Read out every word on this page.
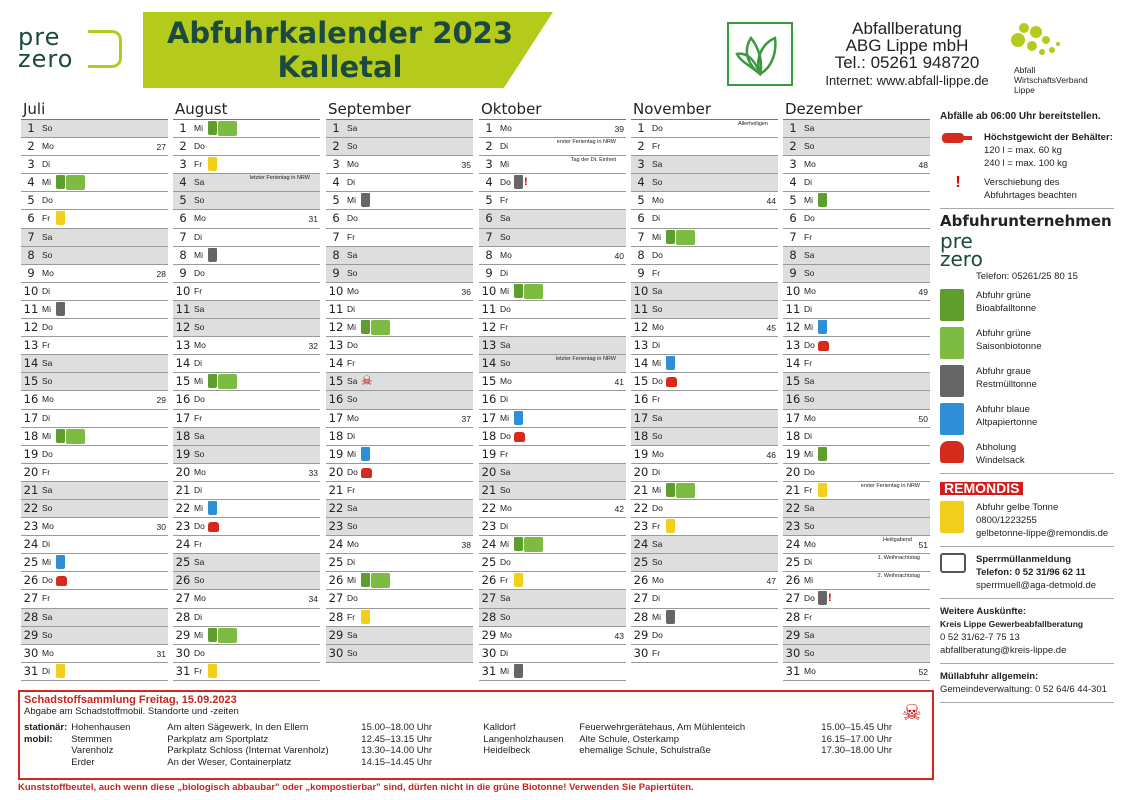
pre
zero
Abfuhrkalender 2023
Kalletal
Abfallberatung
ABG Lippe mbH
Tel.: 05261 948720
Internet: www.abfall-lippe.de
Abfall
WirtschaftsVerband
Lippe
Juli
1 So
2 Mo	27
3 Di
4 Mi
5 Do
6 Fr
7 Sa
8 So
9 Mo	28
10 Di
11 Mi
12 Do
13 Fr
14 Sa
15 So
16 Mo	29
17 Di
18 Mi
19 Do
20 Fr
21 Sa
22 So
23 Mo	30
24 Di
25 Mi
26 Do
27 Fr
28 Sa
29 So
30 Mo	31
31 Di
August
1 Mi
2 Do
3 Fr
4 Sa	letzter Ferientag in NRW
5 So
6 Mo	31
7 Di
8 Mi
9 Do
10 Fr
11 Sa
12 So
13 Mo	32
14 Di
15 Mi
16 Do
17 Fr
18 Sa
19 So
20 Mo	33
21 Di
22 Mi
23 Do
24 Fr
25 Sa
26 So
27 Mo	34
28 Di
29 Mi
30 Do
31 Fr
September
1 Sa
2 So
3 Mo	35
4 Di
5 Mi
6 Do
7 Fr
8 Sa
9 So
10 Mo	36
11 Di
12 Mi
13 Do
14 Fr
15 Sa ☠
16 So
17 Mo	37
18 Di
19 Mi
20 Do
21 Fr
22 Sa
23 So
24 Mo	38
25 Di
26 Mi
27 Do
28 Fr
29 Sa
30 So
Oktober
1 Mo	39
2 Di	erster Ferientag in NRW
3 Mi	Tag der Dt. Einheit
4 Do !
5 Fr
6 Sa
7 So
8 Mo	40
9 Di
10 Mi
11 Do
12 Fr
13 Sa
14 So	letzter Ferientag in NRW
15 Mo	41
16 Di
17 Mi
18 Do
19 Fr
20 Sa
21 So
22 Mo	42
23 Di
24 Mi
25 Do
26 Fr
27 Sa
28 So
29 Mo	43
30 Di
31 Mi
November
1 Do	Allerheiligen
2 Fr
3 Sa
4 So
5 Mo	44
6 Di
7 Mi
8 Do
9 Fr
10 Sa
11 So
12 Mo	45
13 Di
14 Mi
15 Do
16 Fr
17 Sa
18 So
19 Mo	46
20 Di
21 Mi
22 Do
23 Fr
24 Sa
25 So
26 Mo	47
27 Di
28 Mi
29 Do
30 Fr
Dezember
1 Sa
2 So
3 Mo	48
4 Di
5 Mi
6 Do
7 Fr
8 Sa
9 So
10 Mo	49
11 Di
12 Mi
13 Do
14 Fr
15 Sa
16 So
17 Mo	50
18 Di
19 Mi
20 Do
21 Fr	erster Ferientag in NRW
22 Sa
23 So
24 Mo	Heiligabend 51
25 Di	1. Weihnachtstag
26 Mi	2. Weihnachtstag
27 Do !
28 Fr
29 Sa
30 So
31 Mo	52
Abfälle ab 06:00 Uhr bereitstellen.
Höchstgewicht der Behälter:
120 l = max. 60 kg
240 l = max. 100 kg
!	Verschiebung des
Abfuhrtages beachten
Abfuhrunternehmen
pre
zero
Telefon: 05261/25 80 15
Abfuhr grüne
Bioabfalltonne
Abfuhr grüne
Saisonbiotonne
Abfuhr graue
Restmülltonne
Abfuhr blaue
Altpapiertonne
Abholung
Windelsack
REMONDIS
Abfuhr gelbe Tonne
0800/1223255
gelbetonne-lippe@remondis.de
Sperrmüllanmeldung
Telefon: 0 52 31/96 62 11
sperrmuell@aga-detmold.de
Weitere Auskünfte:
Kreis Lippe Gewerbeabfallberatung
0 52 31/62-7 75 13
abfallberatung@kreis-lippe.de
Müllabfuhr allgemein:
Gemeindeverwaltung: 0 52 64/6 44-301
Schadstoffsammlung Freitag, 15.09.2023
Abgabe am Schadstoffmobil. Standorte und -zeiten
stationär:	Hohenhausen	Am alten Sägewerk, In den Ellern	15.00–18.00 Uhr	Kalldorf	Feuerwehrgerätehaus, Am Mühlenteich	15.00–15.45 Uhr
mobil:	Stemmen	Parkplatz am Sportplatz	12.45–13.15 Uhr	Langenholzhausen	Alte Schule, Osterkamp	16.15–17.00 Uhr
	Varenholz	Parkplatz Schloss (Internat Varenholz)	13.30–14.00 Uhr	Heidelbeck	ehemalige Schule, Schulstraße	17.30–18.00 Uhr
	Erder	An der Weser, Containerplatz	14.15–14.45 Uhr			
☠
Kunststoffbeutel, auch wenn diese „biologisch abbaubar" oder „kompostierbar" sind, dürfen nicht in die grüne Biotonne! Verwenden Sie Papiertüten.
